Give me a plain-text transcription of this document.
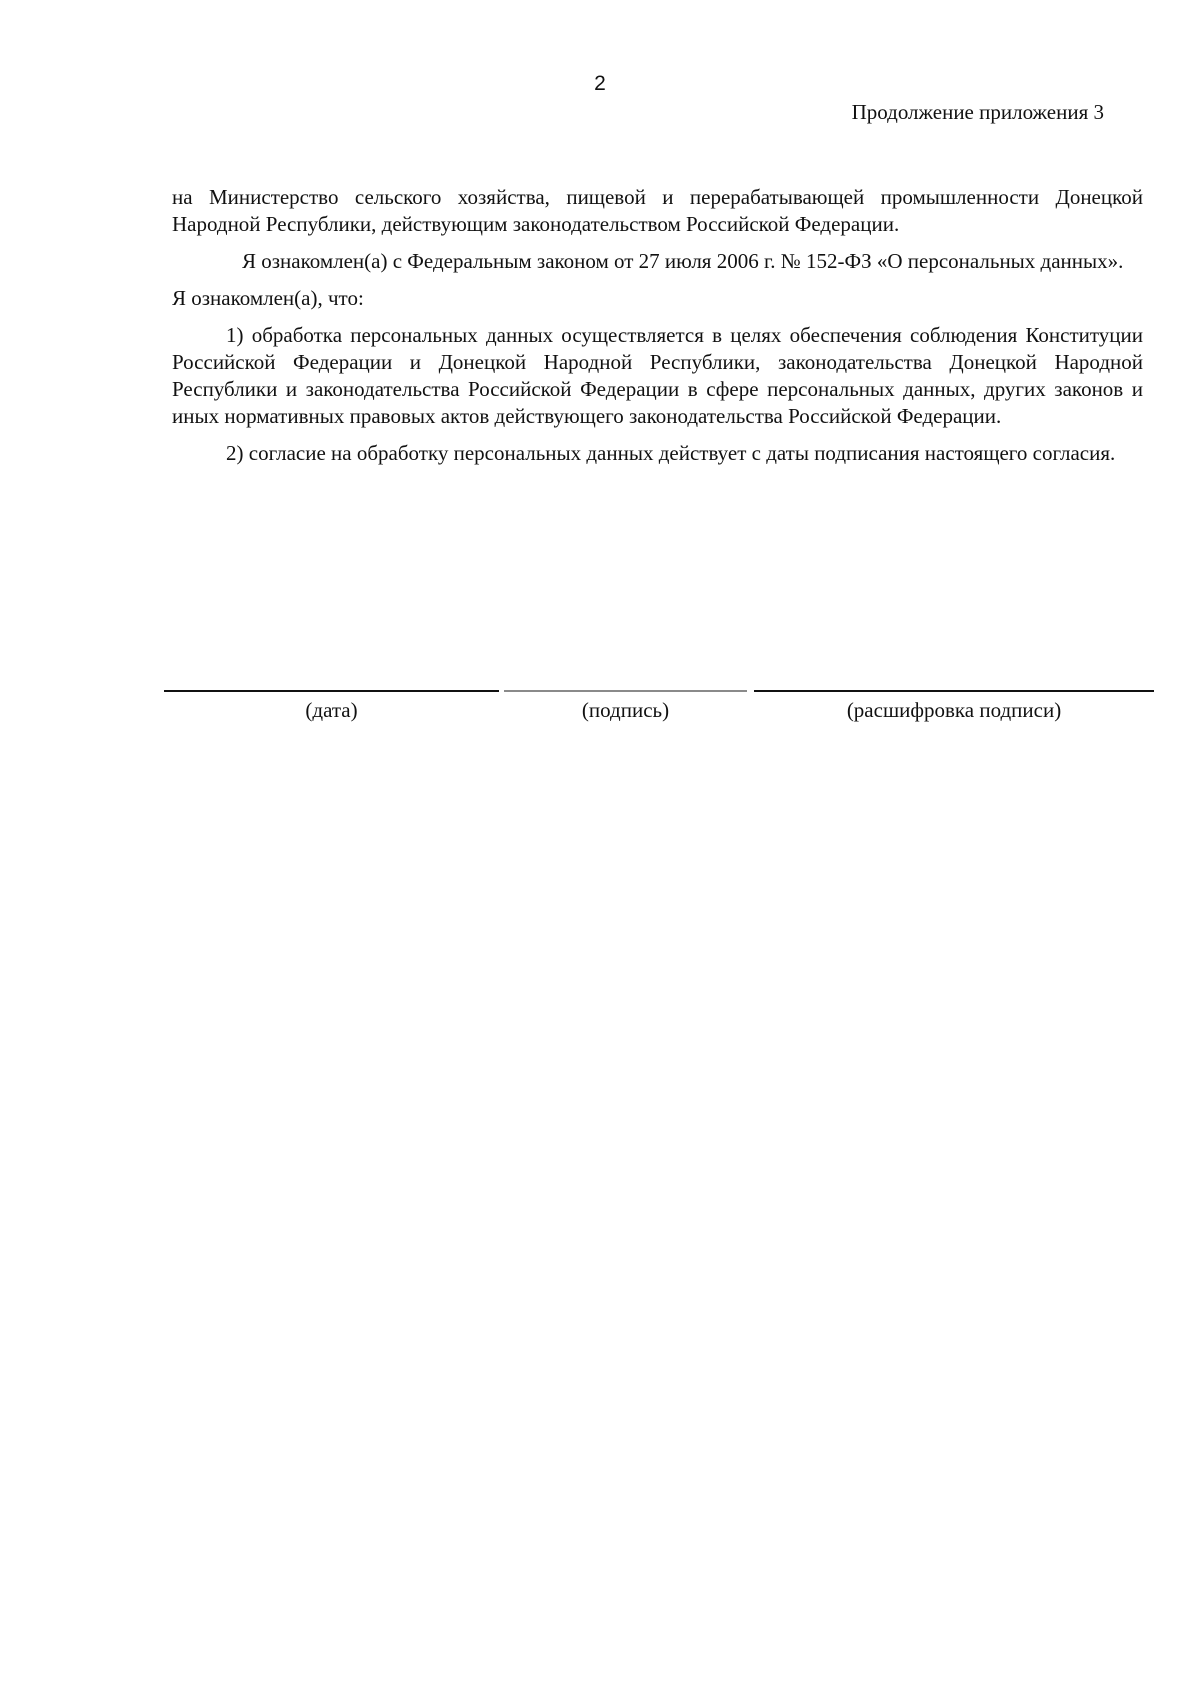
2
Продолжение приложения 3

на Министерство сельского хозяйства, пищевой и перерабатывающей промышленности Донецкой Народной Республики, действующим законодательством Российской Федерации.

Я ознакомлен(а) с Федеральным законом от 27 июля 2006 г. № 152-ФЗ «О персональных данных».

Я ознакомлен(а), что:

1) обработка персональных данных осуществляется в целях обеспечения соблюдения Конституции Российской Федерации и Донецкой Народной Республики, законодательства Донецкой Народной Республики и законодательства Российской Федерации в сфере персональных данных, других законов и иных нормативных правовых актов действующего законодательства Российской Федерации.

2) согласие на обработку персональных данных действует с даты подписания настоящего согласия.

(дата)	(подпись)	(расшифровка подписи)
